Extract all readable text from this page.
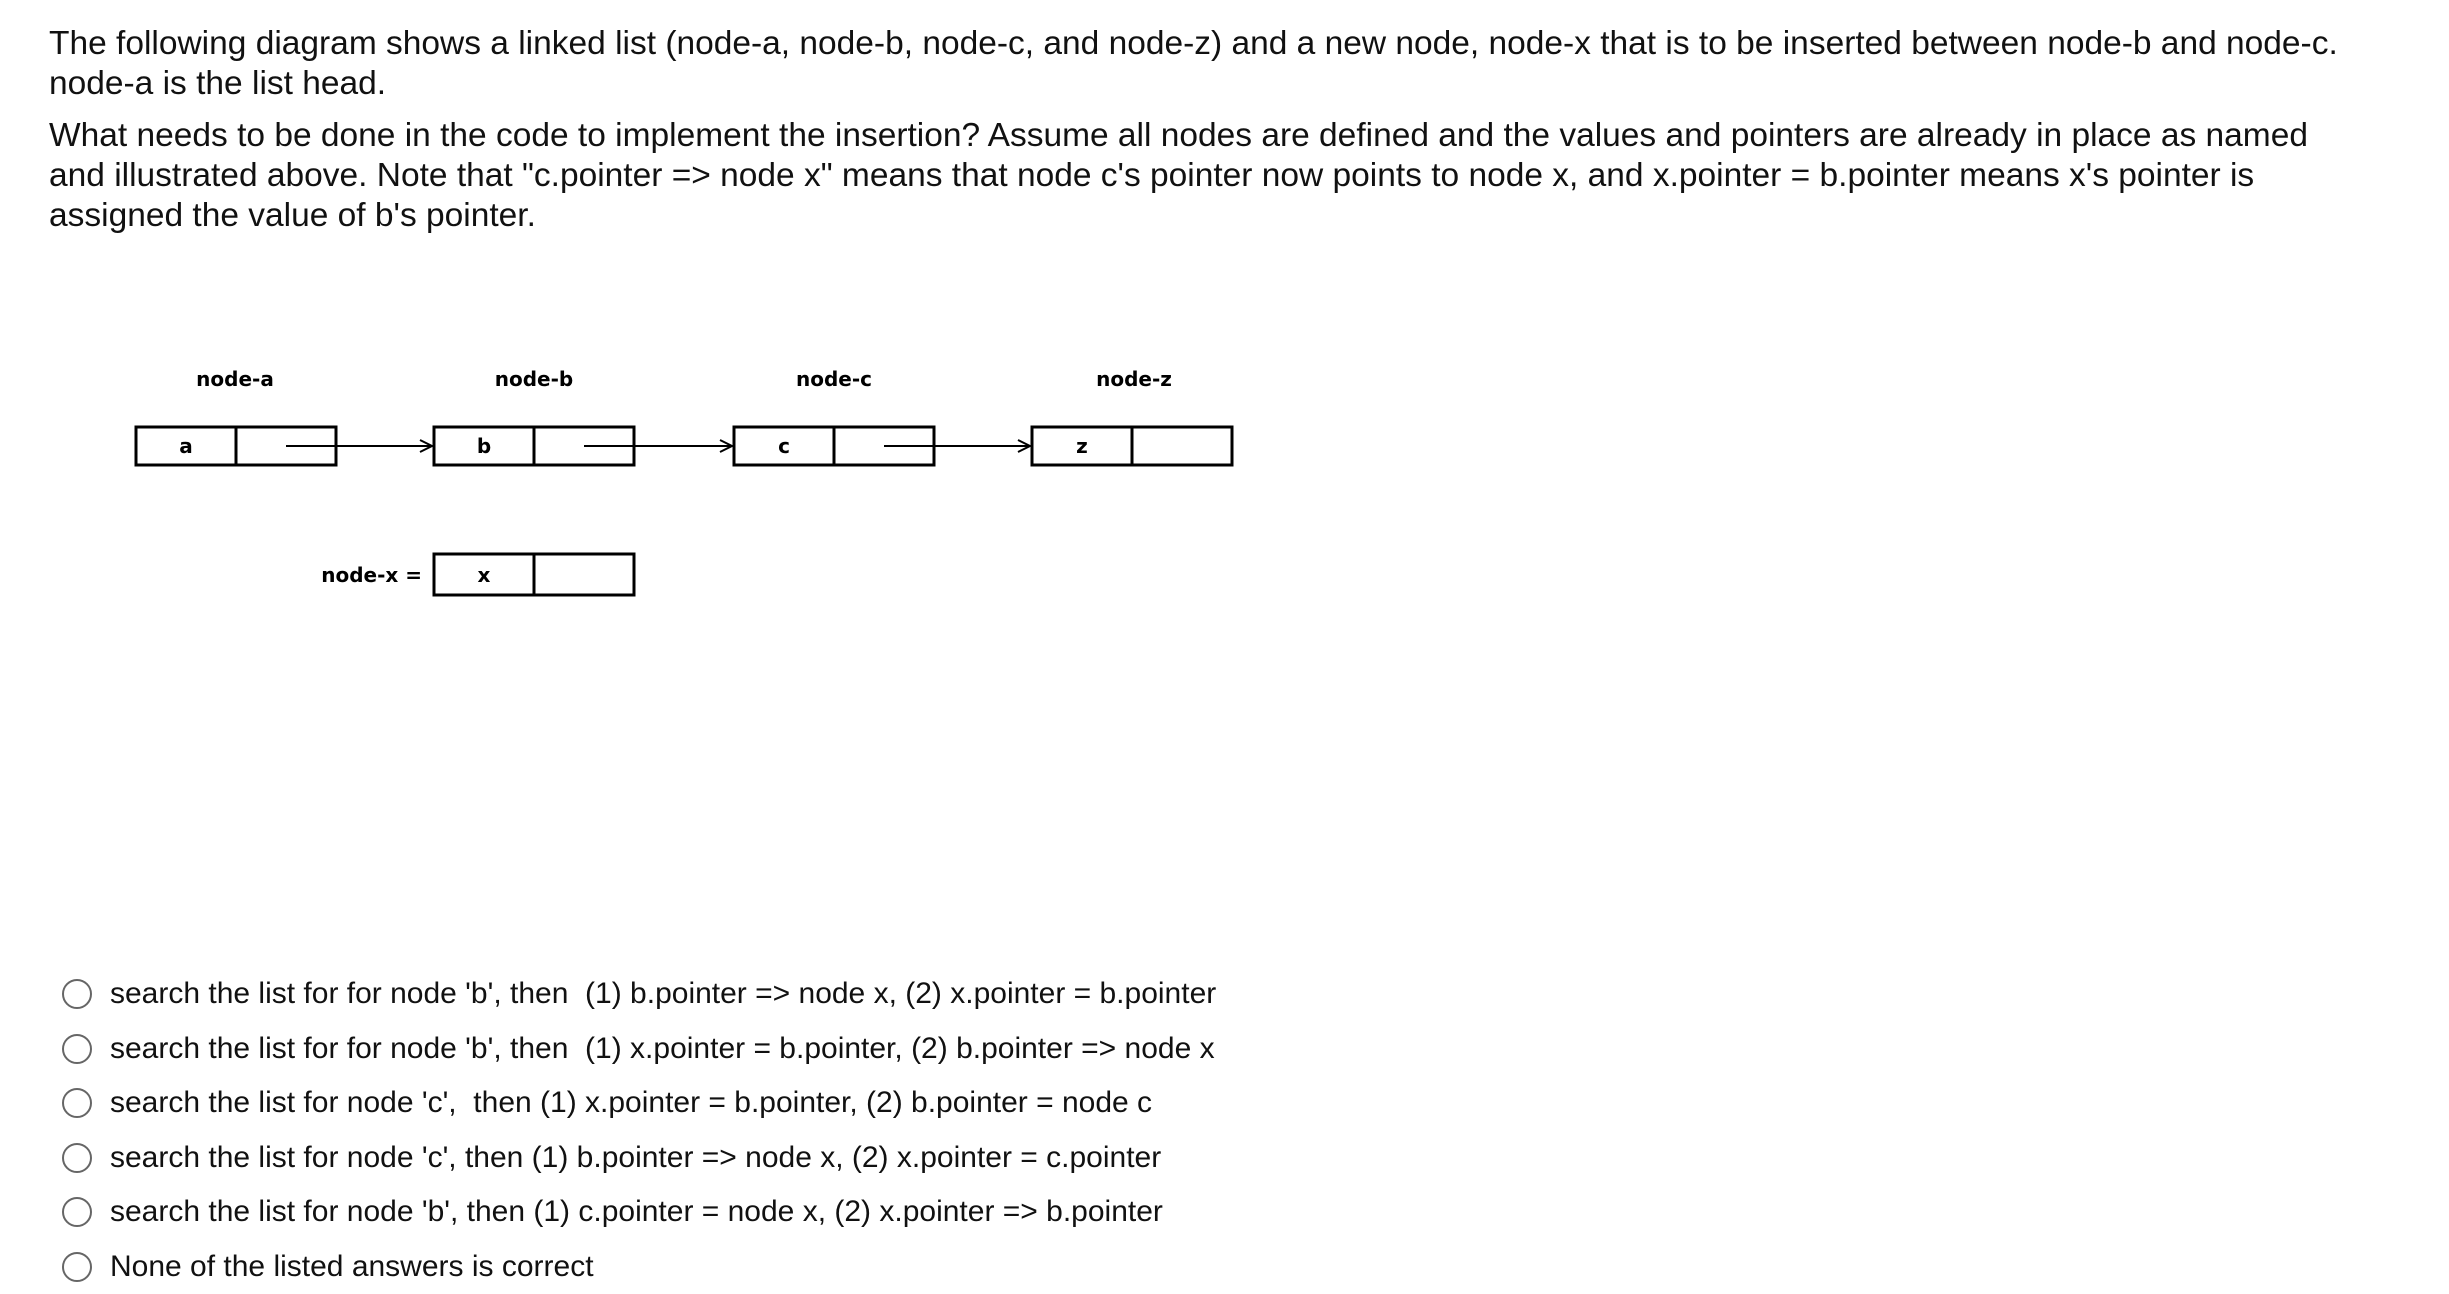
The following diagram shows a linked list (node-a, node-b, node-c, and node-z) and a new node, node-x that is to be inserted between node-b and node-c. node-a is the list head.

What needs to be done in the code to implement the insertion? Assume all nodes are defined and the values and pointers are already in place as named and illustrated above. Note that "c.pointer => node x" means that node c's pointer now points to node x, and x.pointer = b.pointer means x's pointer is assigned the value of b's pointer.

node-a
a
node-b
b
node-c
c
node-z
z
node-x =	x
search the list for for node 'b', then  (1) b.pointer => node x, (2) x.pointer = b.pointer
search the list for for node 'b', then  (1) x.pointer = b.pointer, (2) b.pointer => node x
search the list for node 'c',  then (1) x.pointer = b.pointer, (2) b.pointer = node c
search the list for node 'c', then (1) b.pointer => node x, (2) x.pointer = c.pointer
search the list for node 'b', then (1) c.pointer = node x, (2) x.pointer => b.pointer
None of the listed answers is correct
